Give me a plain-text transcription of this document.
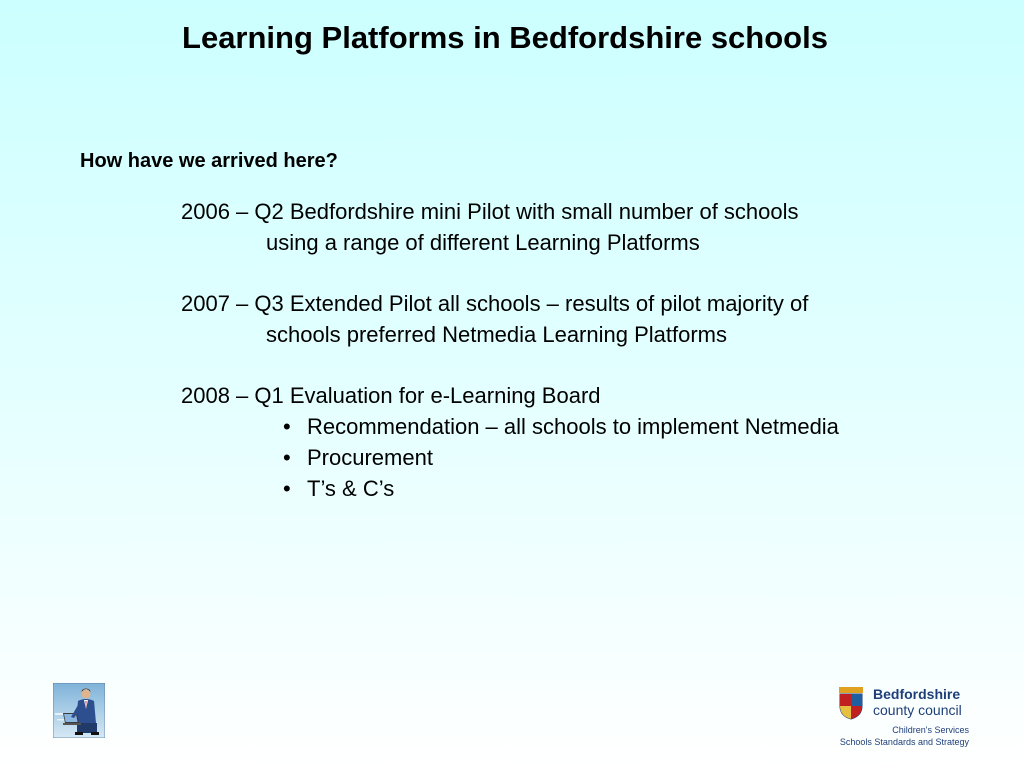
Learning Platforms in Bedfordshire schools
How have we arrived here?
2006 – Q2 Bedfordshire mini Pilot with small number of schools
using a range of different Learning Platforms
2007 – Q3 Extended Pilot all schools – results of pilot majority of
schools preferred Netmedia Learning Platforms
2008 – Q1 Evaluation for e-Learning Board
• Recommendation – all schools to implement Netmedia
• Procurement
• T’s & C’s
Bedfordshire
county council
Children's Services
Schools Standards and Strategy
